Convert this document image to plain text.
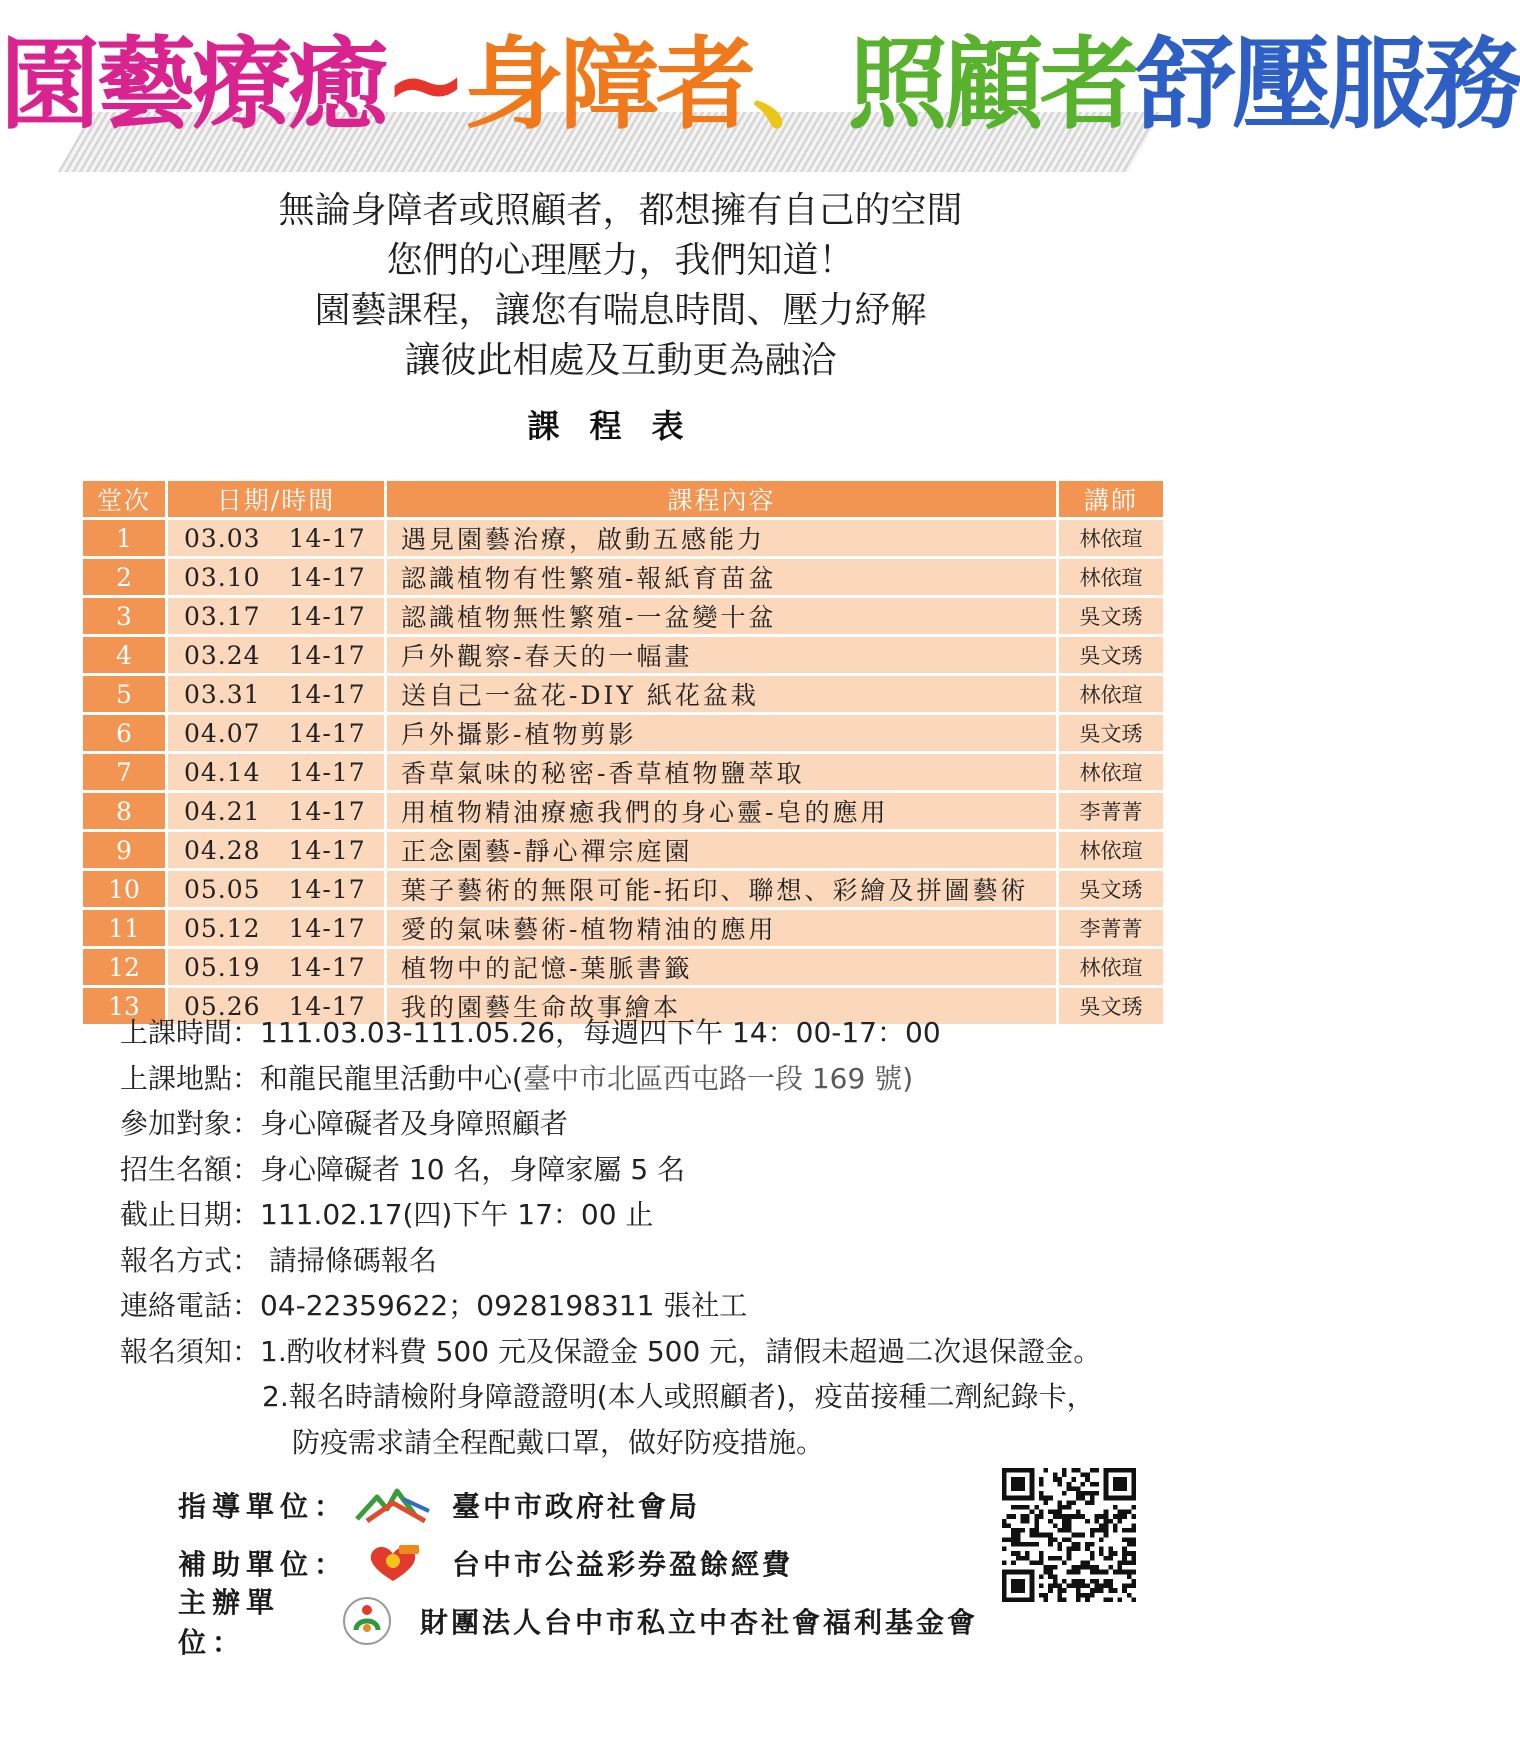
園藝療癒~身障者、照顧者舒壓服務
無論身障者或照顧者，都想擁有自己的空間
您們的心理壓力，我們知道！
園藝課程，讓您有喘息時間、壓力紓解
讓彼此相處及互動更為融洽
課程表
堂次	日期/時間	課程內容	講師
1	03.03 14-17	遇見園藝治療，啟動五感能力	林依瑄
2	03.10 14-17	認識植物有性繁殖-報紙育苗盆	林依瑄
3	03.17 14-17	認識植物無性繁殖-一盆變十盆	吳文琇
4	03.24 14-17	戶外觀察-春天的一幅畫	吳文琇
5	03.31 14-17	送自己一盆花-DIY 紙花盆栽	林依瑄
6	04.07 14-17	戶外攝影-植物剪影	吳文琇
7	04.14 14-17	香草氣味的秘密-香草植物鹽萃取	林依瑄
8	04.21 14-17	用植物精油療癒我們的身心靈-皂的應用	李菁菁
9	04.28 14-17	正念園藝-靜心禪宗庭園	林依瑄
10	05.05 14-17	葉子藝術的無限可能-拓印、聯想、彩繪及拼圖藝術	吳文琇
11	05.12 14-17	愛的氣味藝術-植物精油的應用	李菁菁
12	05.19 14-17	植物中的記憶-葉脈書籤	林依瑄
13	05.26 14-17	我的園藝生命故事繪本	吳文琇
上課時間：111.03.03-111.05.26，每週四下午 14：00-17：00
上課地點：和龍民龍里活動中心(臺中市北區西屯路一段 169 號)
參加對象：身心障礙者及身障照顧者
招生名額：身心障礙者 10 名，身障家屬 5 名
截止日期：111.02.17(四)下午 17：00 止
報名方式： 請掃條碼報名
連絡電話：04-22359622；0928198311 張社工
報名須知：1.酌收材料費 500 元及保證金 500 元，請假未超過二次退保證金。
2.報名時請檢附身障證證明(本人或照顧者)，疫苗接種二劑紀錄卡，
防疫需求請全程配戴口罩，做好防疫措施。
指導單位：	臺中市政府社會局
補助單位：	台中市公益彩券盈餘經費
主辦單位：
財團法人台中市私立中杏社會福利基金會
